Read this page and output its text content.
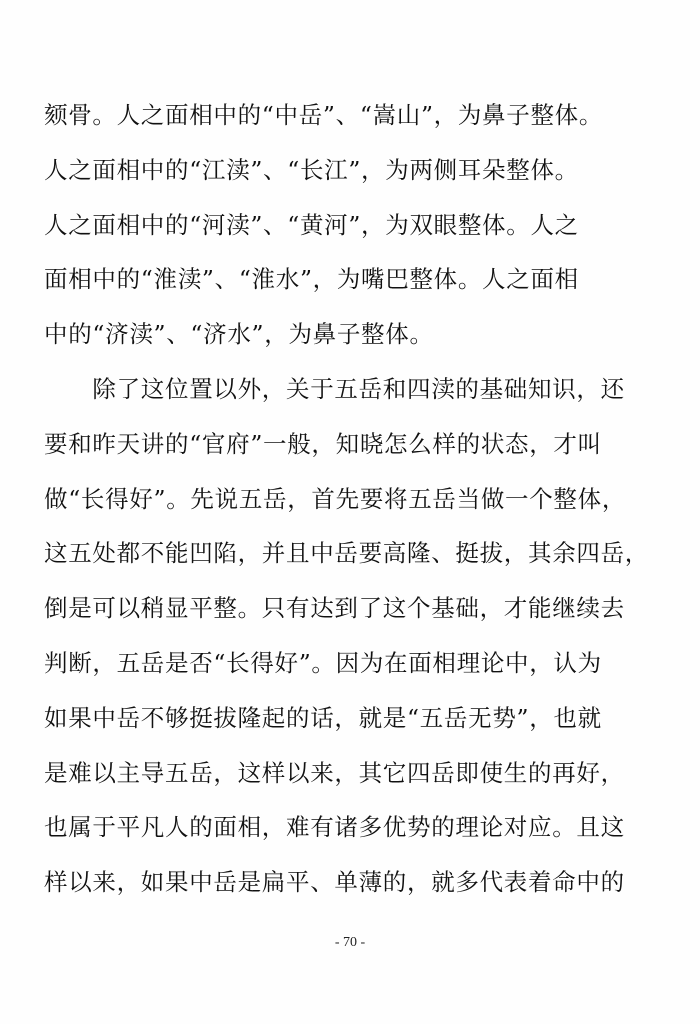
颏骨。人之面相中的“中岳”、“嵩山”，为鼻子整体。
人之面相中的“江渎”、“长江”，为两侧耳朵整体。
人之面相中的“河渎”、“黄河”，为双眼整体。人之
面相中的“淮渎”、“淮水”，为嘴巴整体。人之面相
中的“济渎”、“济水”，为鼻子整体。
　　除了这位置以外，关于五岳和四渎的基础知识，还
要和昨天讲的“官府”一般，知晓怎么样的状态，才叫
做“长得好”。先说五岳，首先要将五岳当做一个整体，
这五处都不能凹陷，并且中岳要高隆、挺拔，其余四岳，
倒是可以稍显平整。只有达到了这个基础，才能继续去
判断，五岳是否“长得好”。因为在面相理论中，认为
如果中岳不够挺拔隆起的话，就是“五岳无势”，也就
是难以主导五岳，这样以来，其它四岳即使生的再好，
也属于平凡人的面相，难有诸多优势的理论对应。且这
样以来，如果中岳是扁平、单薄的，就多代表着命中的
- 70 -
